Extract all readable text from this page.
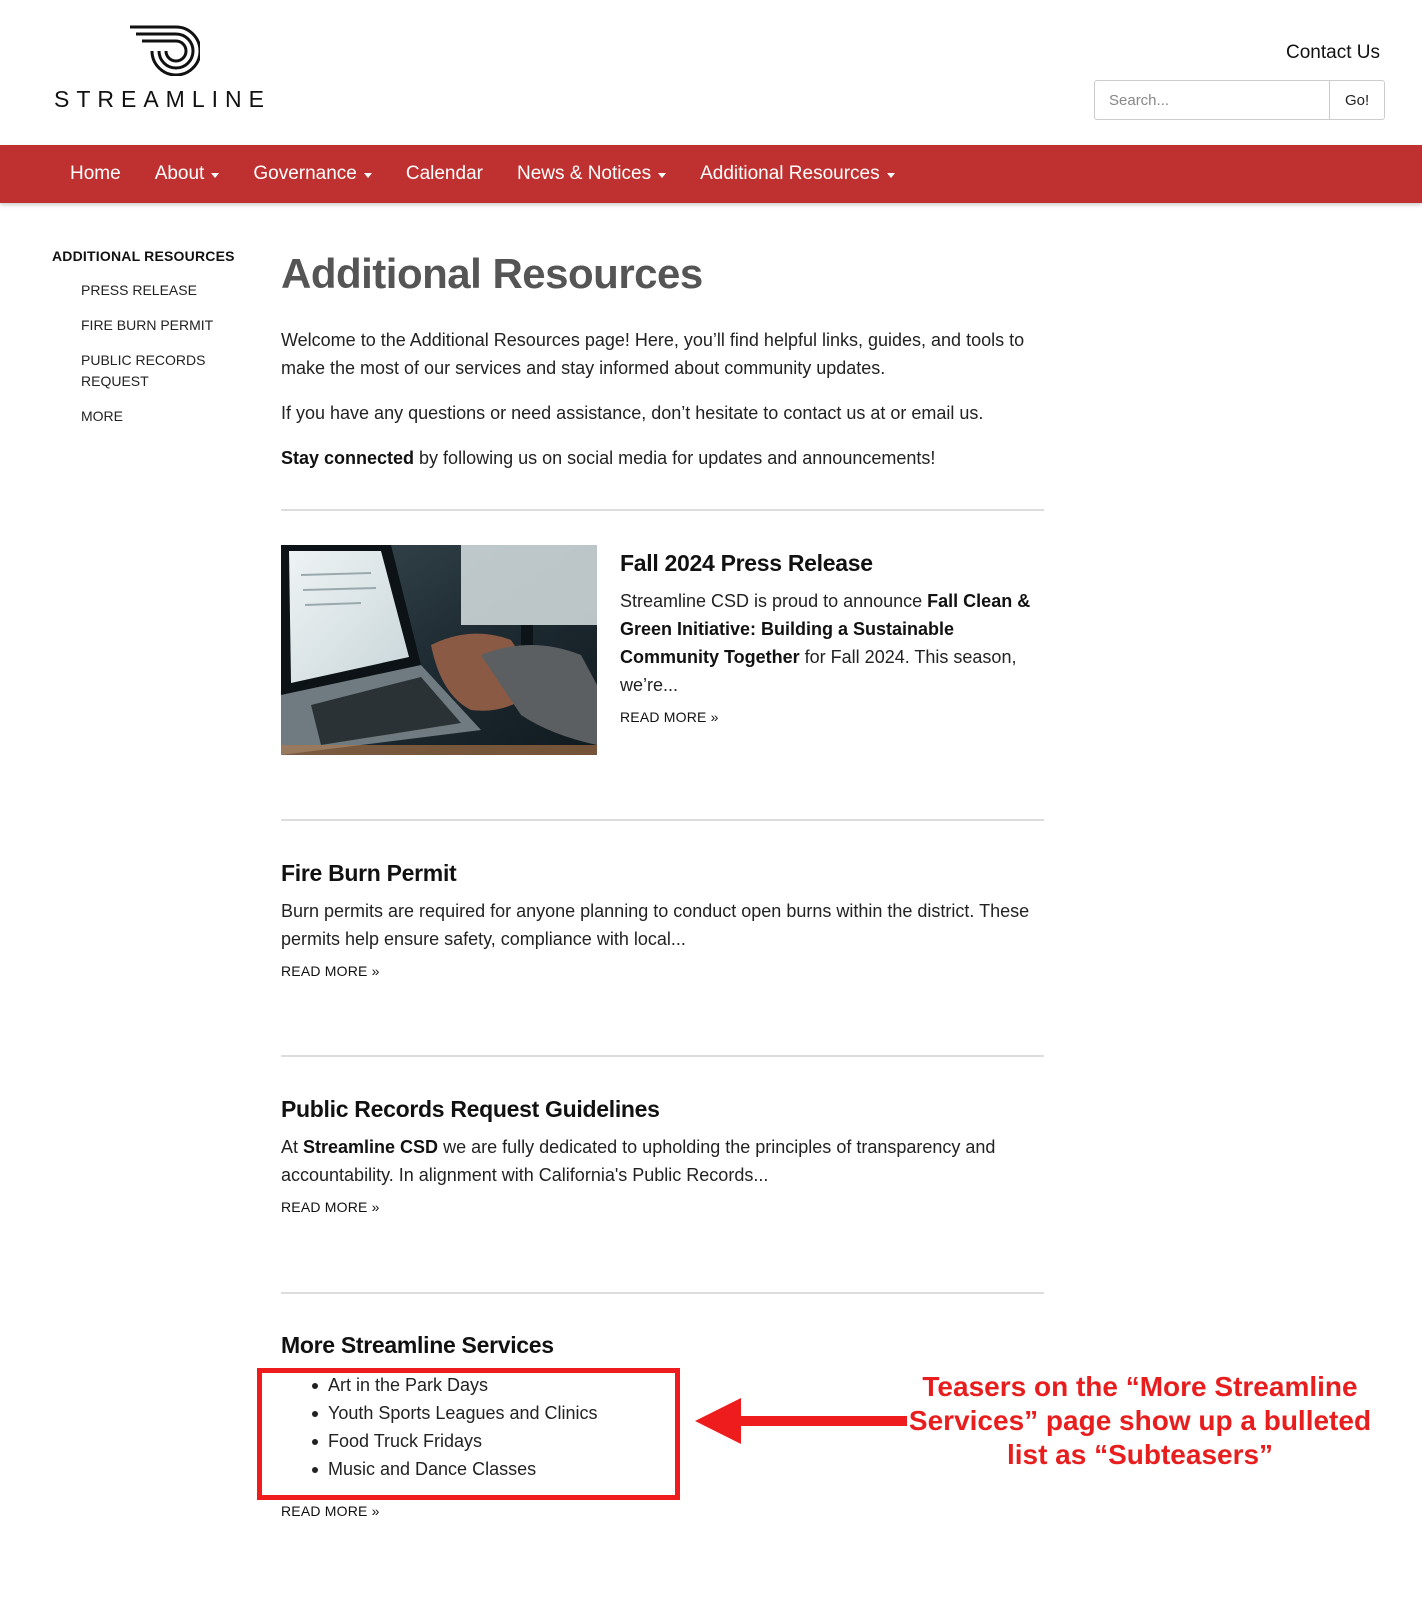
STREAMLINE
Contact Us
Search...
Go!
Home About	Governance	Calendar News & Notices	Additional Resources
ADDITIONAL RESOURCES
PRESS RELEASE
FIRE BURN PERMIT
PUBLIC RECORDS REQUEST
MORE
Additional Resources

Welcome to the Additional Resources page! Here, you’ll find helpful links, guides, and tools to make the most of our services and stay informed about community updates.

If you have any questions or need assistance, don’t hesitate to contact us at or email us.

Stay connected by following us on social media for updates and announcements!

Fall 2024 Press Release
Streamline CSD is proud to announce Fall Clean & Green Initiative: Building a Sustainable Community Together for Fall 2024. This season, we’re...
READ MORE »
Fire Burn Permit
Burn permits are required for anyone planning to conduct open burns within the district. These permits help ensure safety, compliance with local...
READ MORE »
Public Records Request Guidelines
At Streamline CSD we are fully dedicated to upholding the principles of transparency and accountability. In alignment with California's Public Records...
READ MORE »
More Streamline Services
Art in the Park Days
Youth Sports Leagues and Clinics
Food Truck Fridays
Music and Dance Classes
READ MORE »
Teasers on the “More Streamline Services” page show up a bulleted list as “Subteasers”
